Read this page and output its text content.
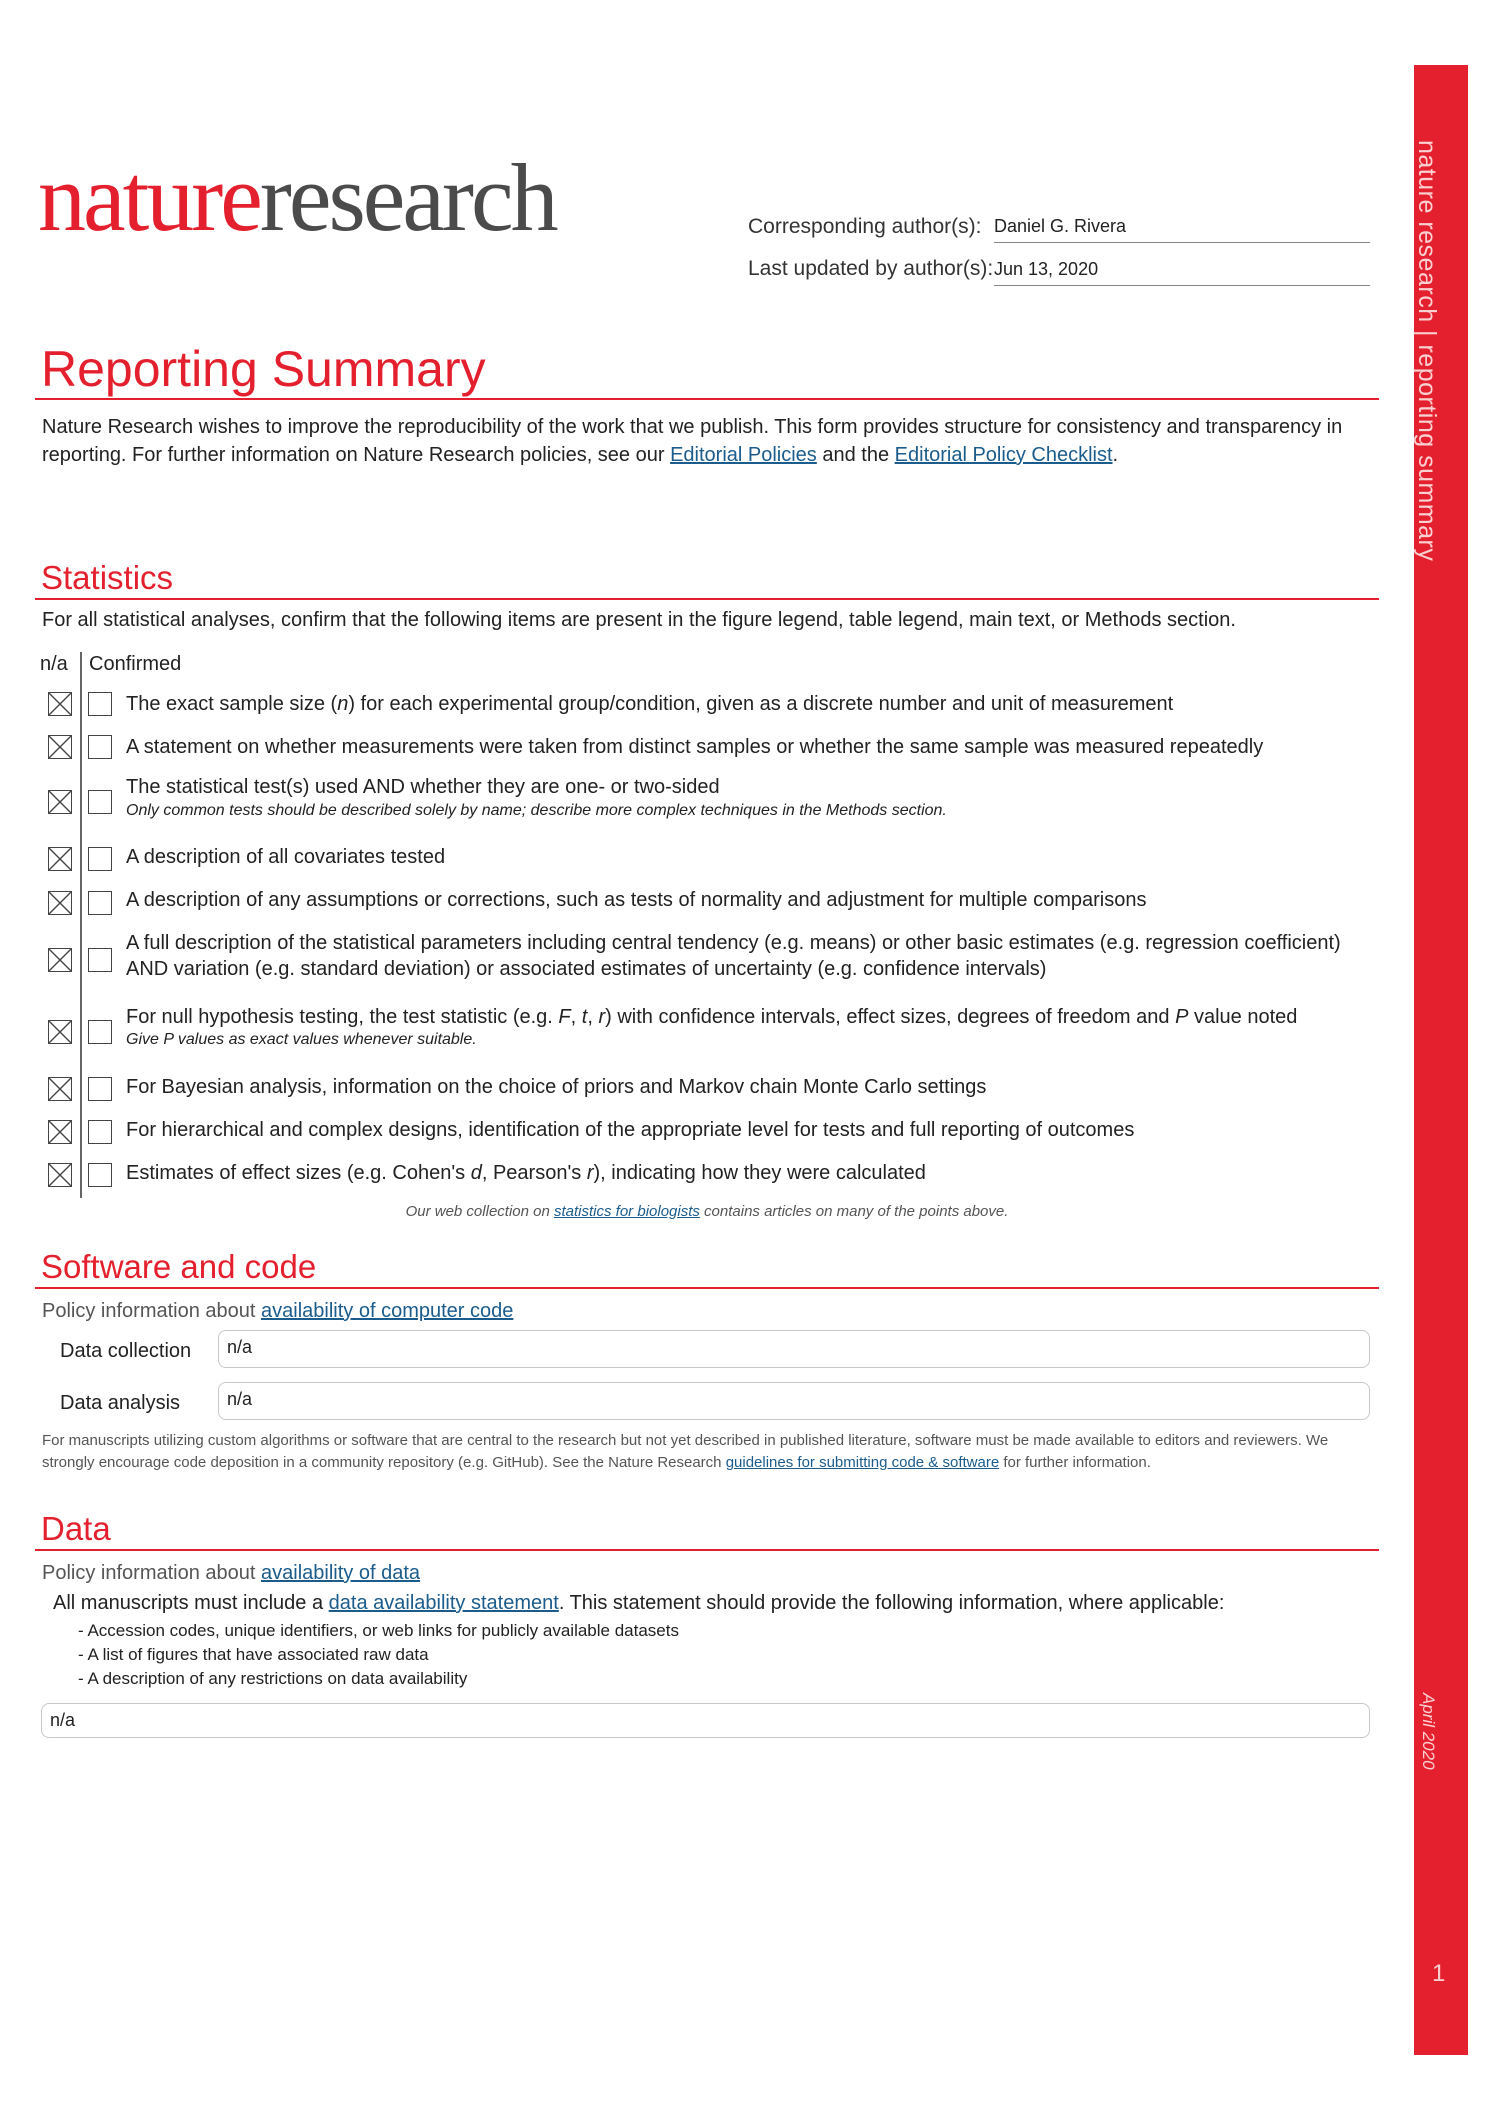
natureresearch	Corresponding author(s): Daniel G. Rivera
Last updated by author(s): Jun 13, 2020
Reporting Summary
Nature Research wishes to improve the reproducibility of the work that we publish. This form provides structure for consistency and transparency in reporting. For further information on Nature Research policies, see our Editorial Policies and the Editorial Policy Checklist.
Statistics
For all statistical analyses, confirm that the following items are present in the figure legend, table legend, main text, or Methods section.
n/a Confirmed
The exact sample size (n) for each experimental group/condition, given as a discrete number and unit of measurement
A statement on whether measurements were taken from distinct samples or whether the same sample was measured repeatedly
The statistical test(s) used AND whether they are one- or two-sided
Only common tests should be described solely by name; describe more complex techniques in the Methods section.
A description of all covariates tested
A description of any assumptions or corrections, such as tests of normality and adjustment for multiple comparisons
A full description of the statistical parameters including central tendency (e.g. means) or other basic estimates (e.g. regression coefficient)
AND variation (e.g. standard deviation) or associated estimates of uncertainty (e.g. confidence intervals)
For null hypothesis testing, the test statistic (e.g. F, t, r) with confidence intervals, effect sizes, degrees of freedom and P value noted
Give P values as exact values whenever suitable.
For Bayesian analysis, information on the choice of priors and Markov chain Monte Carlo settings
For hierarchical and complex designs, identification of the appropriate level for tests and full reporting of outcomes
Estimates of effect sizes (e.g. Cohen's d, Pearson's r), indicating how they were calculated
Our web collection on statistics for biologists contains articles on many of the points above.
Software and code
Policy information about availability of computer code
Data collection	n/a
Data analysis	n/a
For manuscripts utilizing custom algorithms or software that are central to the research but not yet described in published literature, software must be made available to editors and reviewers. We strongly encourage code deposition in a community repository (e.g. GitHub). See the Nature Research guidelines for submitting code & software for further information.
Data
Policy information about availability of data
All manuscripts must include a data availability statement. This statement should provide the following information, where applicable:
- Accession codes, unique identifiers, or web links for publicly available datasets
- A list of figures that have associated raw data
- A description of any restrictions on data availability
n/a
nature research | reporting summary
April 2020
1
